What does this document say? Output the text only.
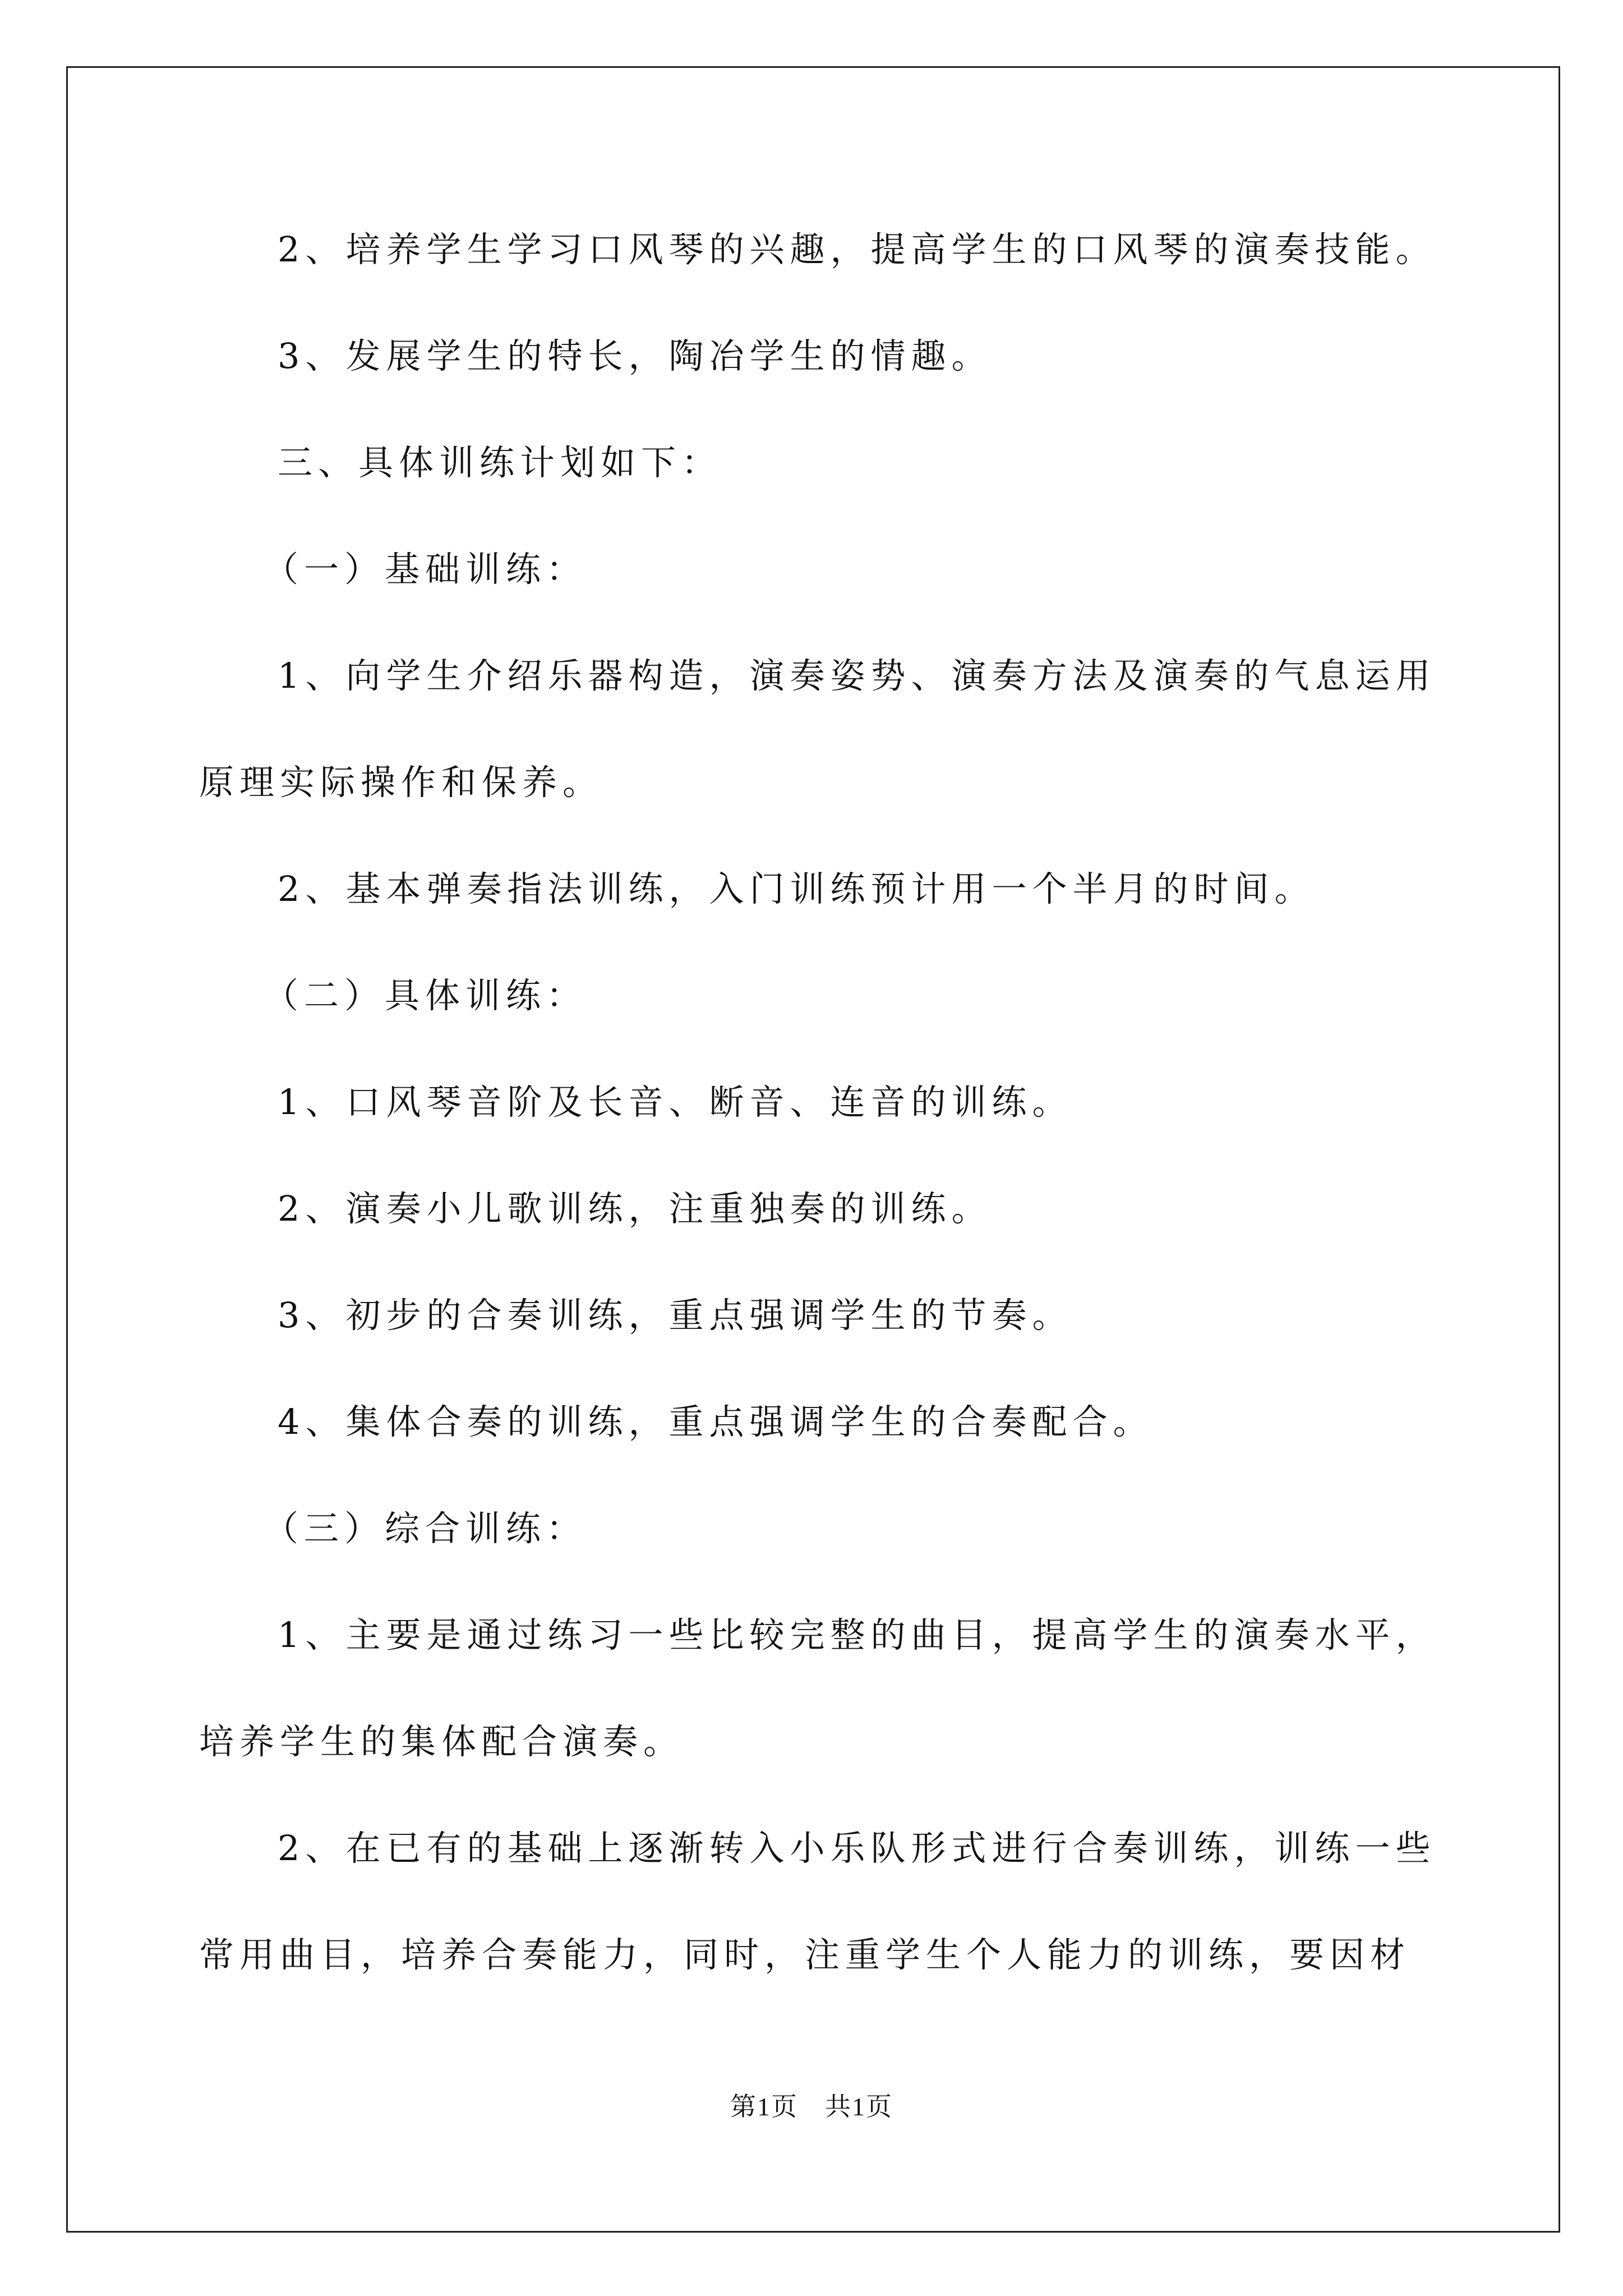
2、培养学生学习口风琴的兴趣，提高学生的口风琴的演奏技能。
3、发展学生的特长，陶冶学生的情趣。
三、具体训练计划如下：
（一）基础训练：
1、向学生介绍乐器构造，演奏姿势、演奏方法及演奏的气息运用
原理实际操作和保养。
2、基本弹奏指法训练，入门训练预计用一个半月的时间。
（二）具体训练：
1、口风琴音阶及长音、断音、连音的训练。
2、演奏小儿歌训练，注重独奏的训练。
3、初步的合奏训练，重点强调学生的节奏。
4、集体合奏的训练，重点强调学生的合奏配合。
（三）综合训练：
1、主要是通过练习一些比较完整的曲目，提高学生的演奏水平，
培养学生的集体配合演奏。
2、在已有的基础上逐渐转入小乐队形式进行合奏训练，训练一些
常用曲目，培养合奏能力，同时，注重学生个人能力的训练，要因材
第1页　共1页
